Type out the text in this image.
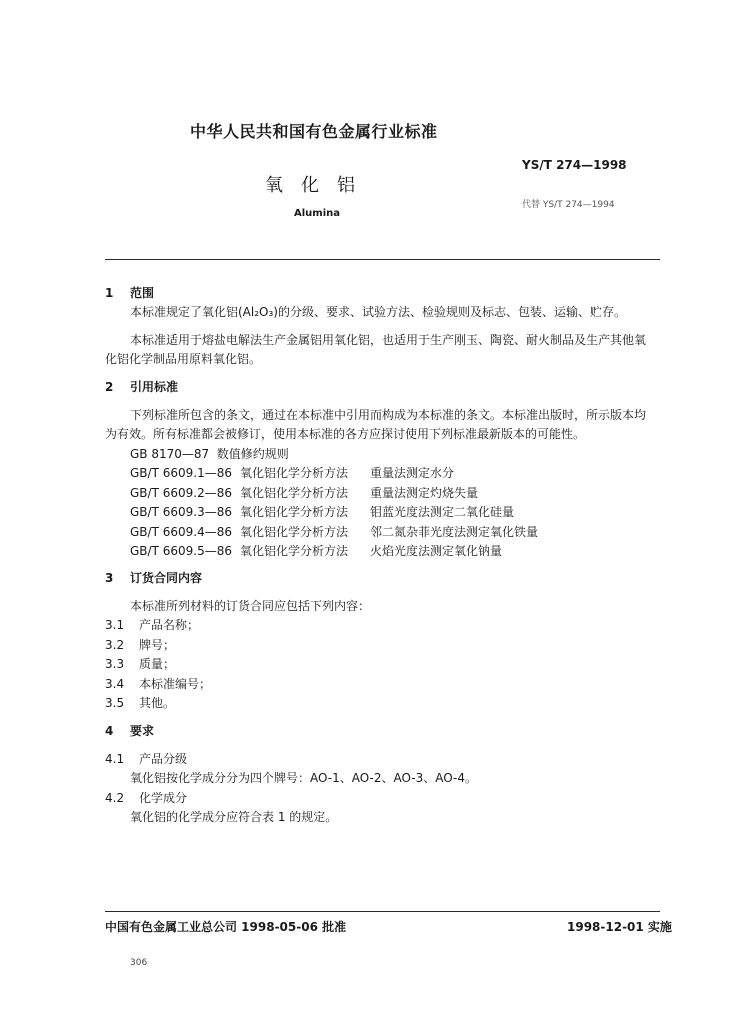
中华人民共和国有色金属行业标准
YS/T 274—1998
氧化铝
代替 YS/T 274—1994
Alumina
1 范围
本标准规定了氧化铝(Al₂O₃)的分级、要求、试验方法、检验规则及标志、包装、运输、贮存。
本标准适用于熔盐电解法生产金属铝用氧化铝，也适用于生产刚玉、陶瓷、耐火制品及生产其他氧
化铝化学制品用原料氧化铝。
2 引用标准
下列标准所包含的条文，通过在本标准中引用而构成为本标准的条文。本标准出版时，所示版本均
为有效。所有标准都会被修订，使用本标准的各方应探讨使用下列标准最新版本的可能性。
GB 8170—87 数值修约规则
GB/T 6609.1—86 氧化铝化学分析方法 重量法测定水分
GB/T 6609.2—86 氧化铝化学分析方法 重量法测定灼烧失量
GB/T 6609.3—86 氧化铝化学分析方法 钼蓝光度法测定二氧化硅量
GB/T 6609.4—86 氧化铝化学分析方法 邻二氮杂菲光度法测定氧化铁量
GB/T 6609.5—86 氧化铝化学分析方法 火焰光度法测定氧化钠量
3 订货合同内容
本标准所列材料的订货合同应包括下列内容：
3.1 产品名称；
3.2 牌号；
3.3 质量；
3.4 本标准编号；
3.5 其他。
4 要求
4.1 产品分级
氧化铝按化学成分分为四个牌号：AO-1、AO-2、AO-3、AO-4。
4.2 化学成分
氧化铝的化学成分应符合表 1 的规定。
中国有色金属工业总公司 1998-05-06 批准	1998-12-01 实施
306
